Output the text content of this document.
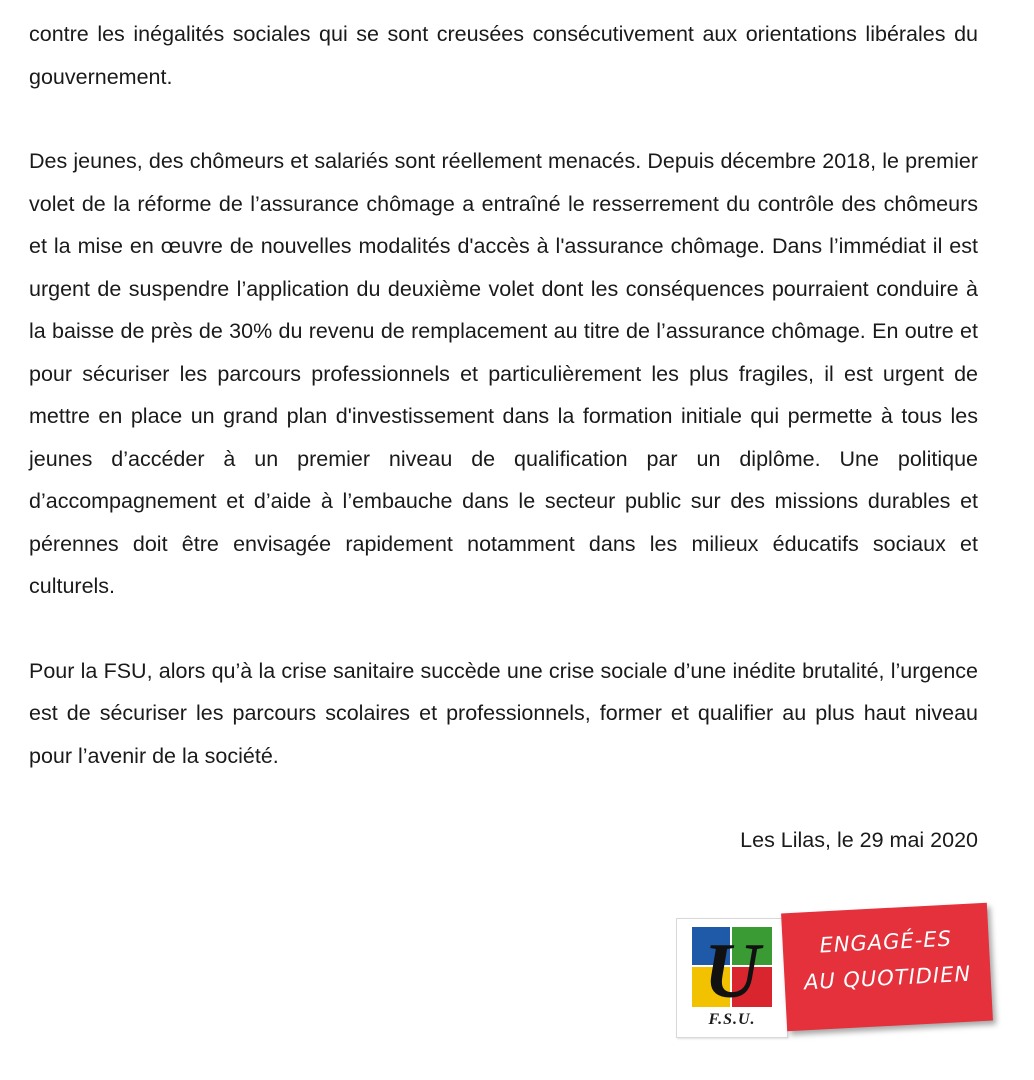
contre les inégalités sociales qui se sont creusées consécutivement aux orientations libérales du gouvernement.

Des jeunes, des chômeurs et salariés sont réellement menacés. Depuis décembre 2018, le premier volet de la réforme de l’assurance chômage a entraîné le resserrement du contrôle des chômeurs et la mise en œuvre de nouvelles modalités d'accès à l'assurance chômage. Dans l’immédiat il est urgent de suspendre l’application du deuxième volet dont les conséquences pourraient conduire à la baisse de près de 30% du revenu de remplacement au titre de l’assurance chômage. En outre et pour sécuriser les parcours professionnels et particulièrement les plus fragiles, il est urgent de mettre en place un grand plan d'investissement dans la formation initiale qui permette à tous les jeunes d’accéder à un premier niveau de qualification par un diplôme. Une politique d’accompagnement et d’aide à l’embauche dans le secteur public sur des missions durables et pérennes doit être envisagée rapidement notamment dans les milieux éducatifs sociaux et culturels.

Pour la FSU, alors qu’à la crise sanitaire succède une crise sociale d’une inédite brutalité, l’urgence est de sécuriser les parcours scolaires et professionnels, former et qualifier au plus haut niveau pour l’avenir de la société.

Les Lilas, le 29 mai 2020

U
F.S.U.
ENGAGÉ-ES
AU QUOTIDIEN
